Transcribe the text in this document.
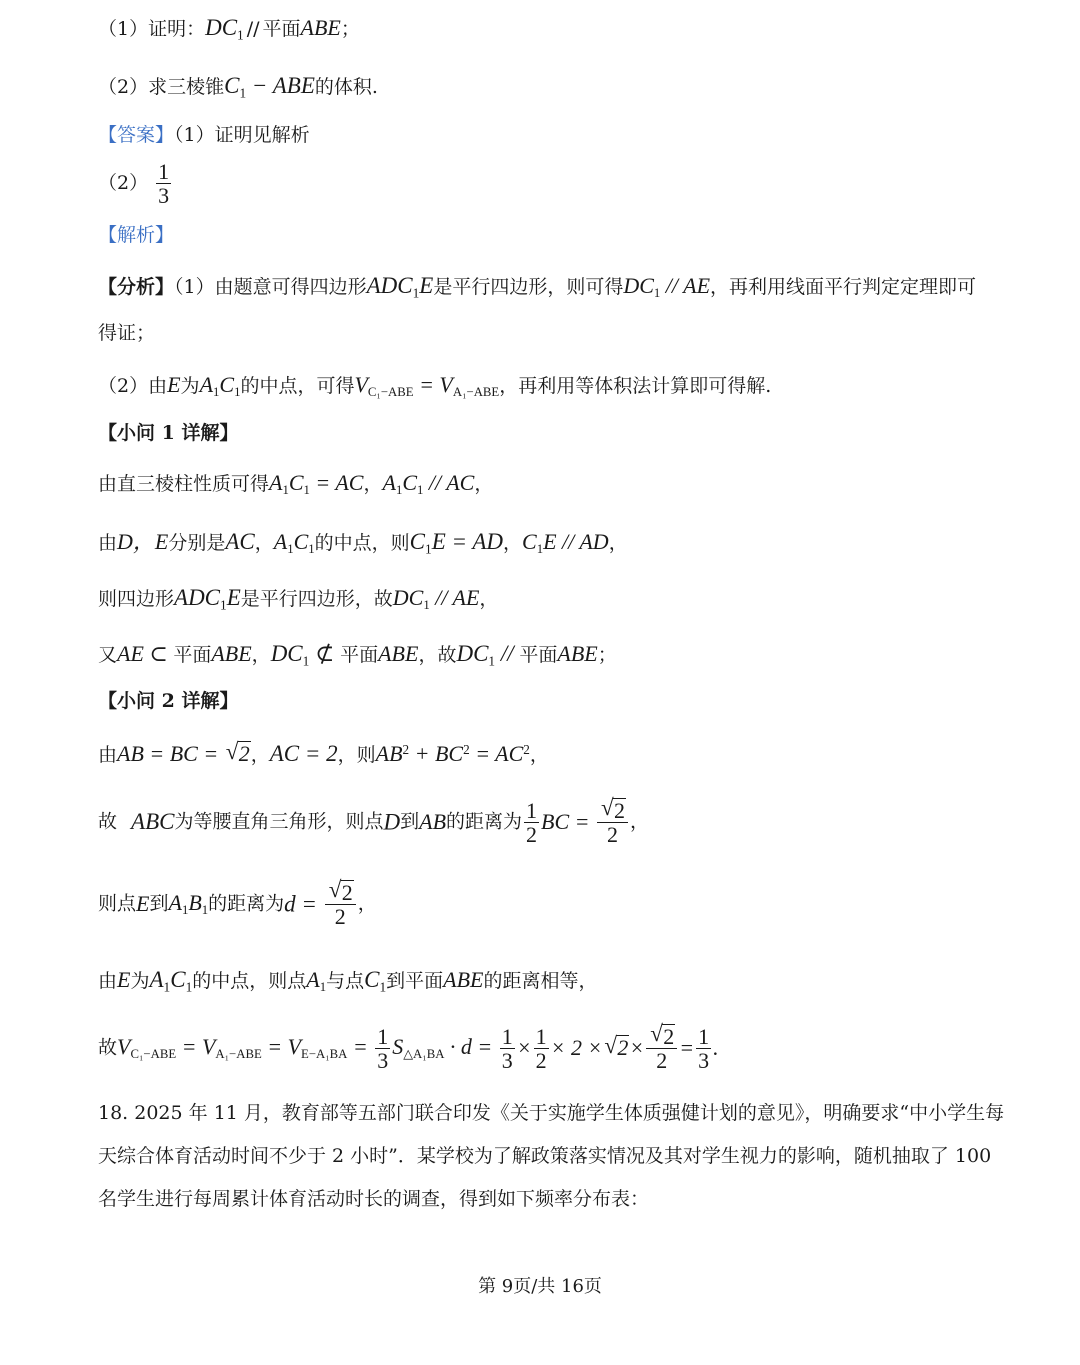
（1）证明：DC1 // 平面ABE；
（2）求三棱锥C1 − ABE的体积.
【答案】（1）证明见解析
$(2) \frac{1}{3}$
【解析】
【分析】（1）由题意可得四边形ADC1E是平行四边形，则可得DC1 // AE，再利用线面平行判定定理即可
得证；
（2）由E为A1C1的中点，可得VC₁−ABE = VA₁−ABE，再利用等体积法计算即可得解.
【小问 1 详解】
由直三棱柱性质可得A1C1 = AC，A1C1 // AC，
由D，E分别是AC，A1C1的中点，则C1E = AD，C1E // AD，
则四边形ADC1E是平行四边形，故DC1 // AE，
又AE ⊂ 平面ABE，DC1 ⊄ 平面ABE，故DC1 // 平面ABE；
【小问 2 详解】
由AB = BC = √ 2，AC = 2，则$AB^2 + BC^2 = AC^2$，
故 ABC为等腰直角三角形，则点D到AB的距离为 $\frac{1}{2}$ BC = $\frac{√ 2}{2}$ ，
则点E到A1B1的距离为$d = \frac{√ 2}{2}$ ，
由E为A1C1的中点，则点A1与点C1到平面ABE的距离相等，
故$VC_1-ABE = VA_1-ABE = VE-A_1BA = \frac{1}{3}$ S△A₁BA · $d = \frac{1}{3} \times \frac{1}{2} \times 2$ × √ $2\times \frac{√ 2}{2} = \frac{1}{3}$ .
18. 2025 年 11 月，教育部等五部门联合印发《关于实施学生体质强健计划的意见》，明确要求“中小学生每
天综合体育活动时间不少于 2 小时”．某学校为了解政策落实情况及其对学生视力的影响，随机抽取了 100
名学生进行每周累计体育活动时长的调查，得到如下频率分布表：
第 9页/共 16页
